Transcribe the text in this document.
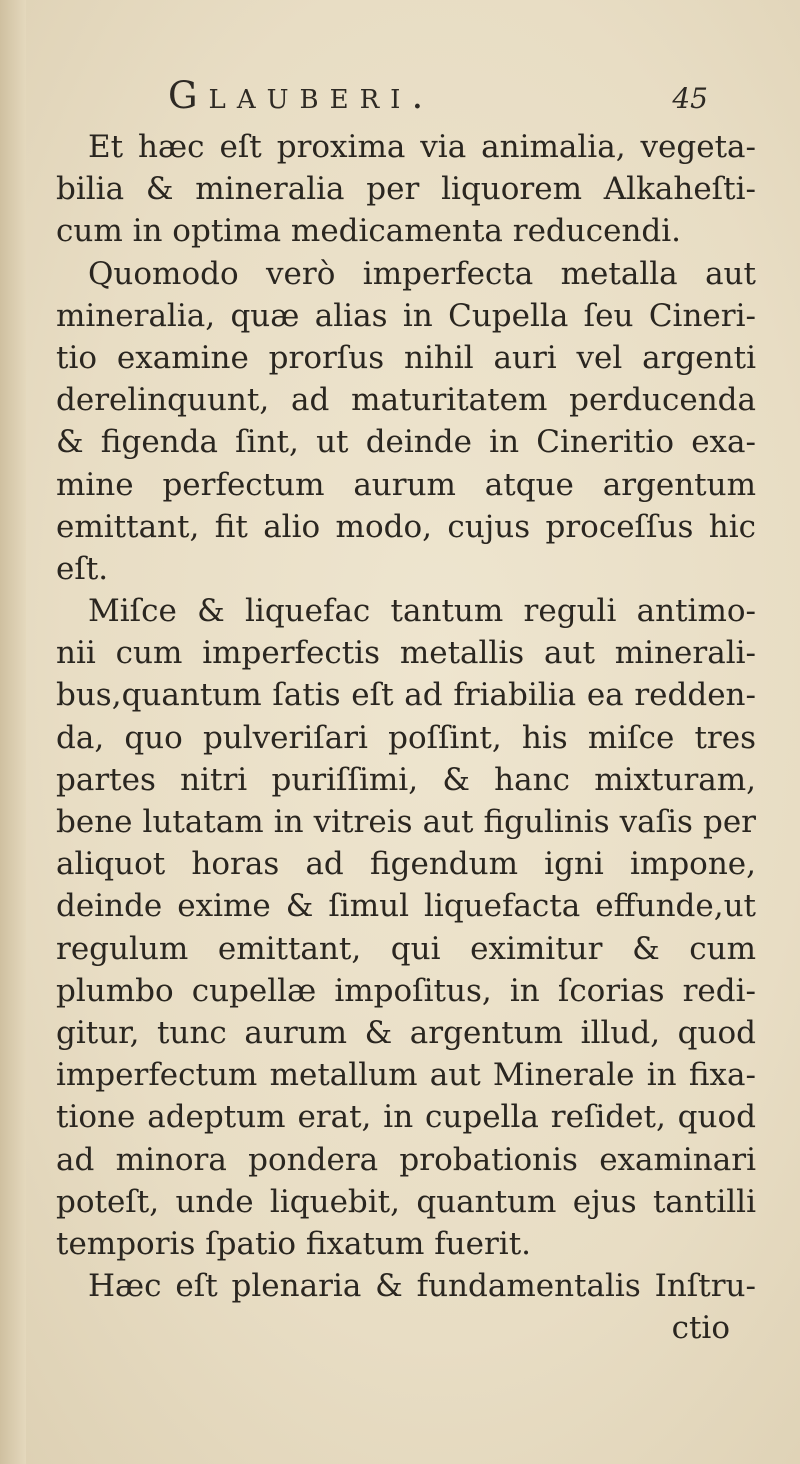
Glauberi.	45
Et hæc eſt proxima via animalia, vegeta-
bilia & mineralia per liquorem Alkaheſti-
cum in optima medicamenta reducendi.
Quomodo verò imperfecta metalla aut
mineralia, quæ alias in Cupella ſeu Cineri-
tio examine prorſus nihil auri vel argenti
derelinquunt, ad maturitatem perducenda
& figenda ſint, ut deinde in Cineritio exa-
mine perfectum aurum atque argentum
emittant, fit alio modo, cujus proceſſus hic
eſt.
Miſce & liquefac tantum reguli antimo-
nii cum imperfectis metallis aut minerali-
bus,quantum ſatis eſt ad friabilia ea redden-
da, quo pulveriſari poſſint, his miſce tres
partes nitri puriſſimi, & hanc mixturam,
bene lutatam in vitreis aut figulinis vaſis per
aliquot horas ad figendum igni impone,
deinde exime & ſimul liquefacta effunde,ut
regulum emittant, qui eximitur & cum
plumbo cupellæ impoſitus, in ſcorias redi-
gitur, tunc aurum & argentum illud, quod
imperfectum metallum aut Minerale in fixa-
tione adeptum erat, in cupella reſidet, quod
ad minora pondera probationis examinari
poteſt, unde liquebit, quantum ejus tantilli
temporis ſpatio fixatum fuerit.
Hæc eſt plenaria & fundamentalis Inſtru-
ctio
